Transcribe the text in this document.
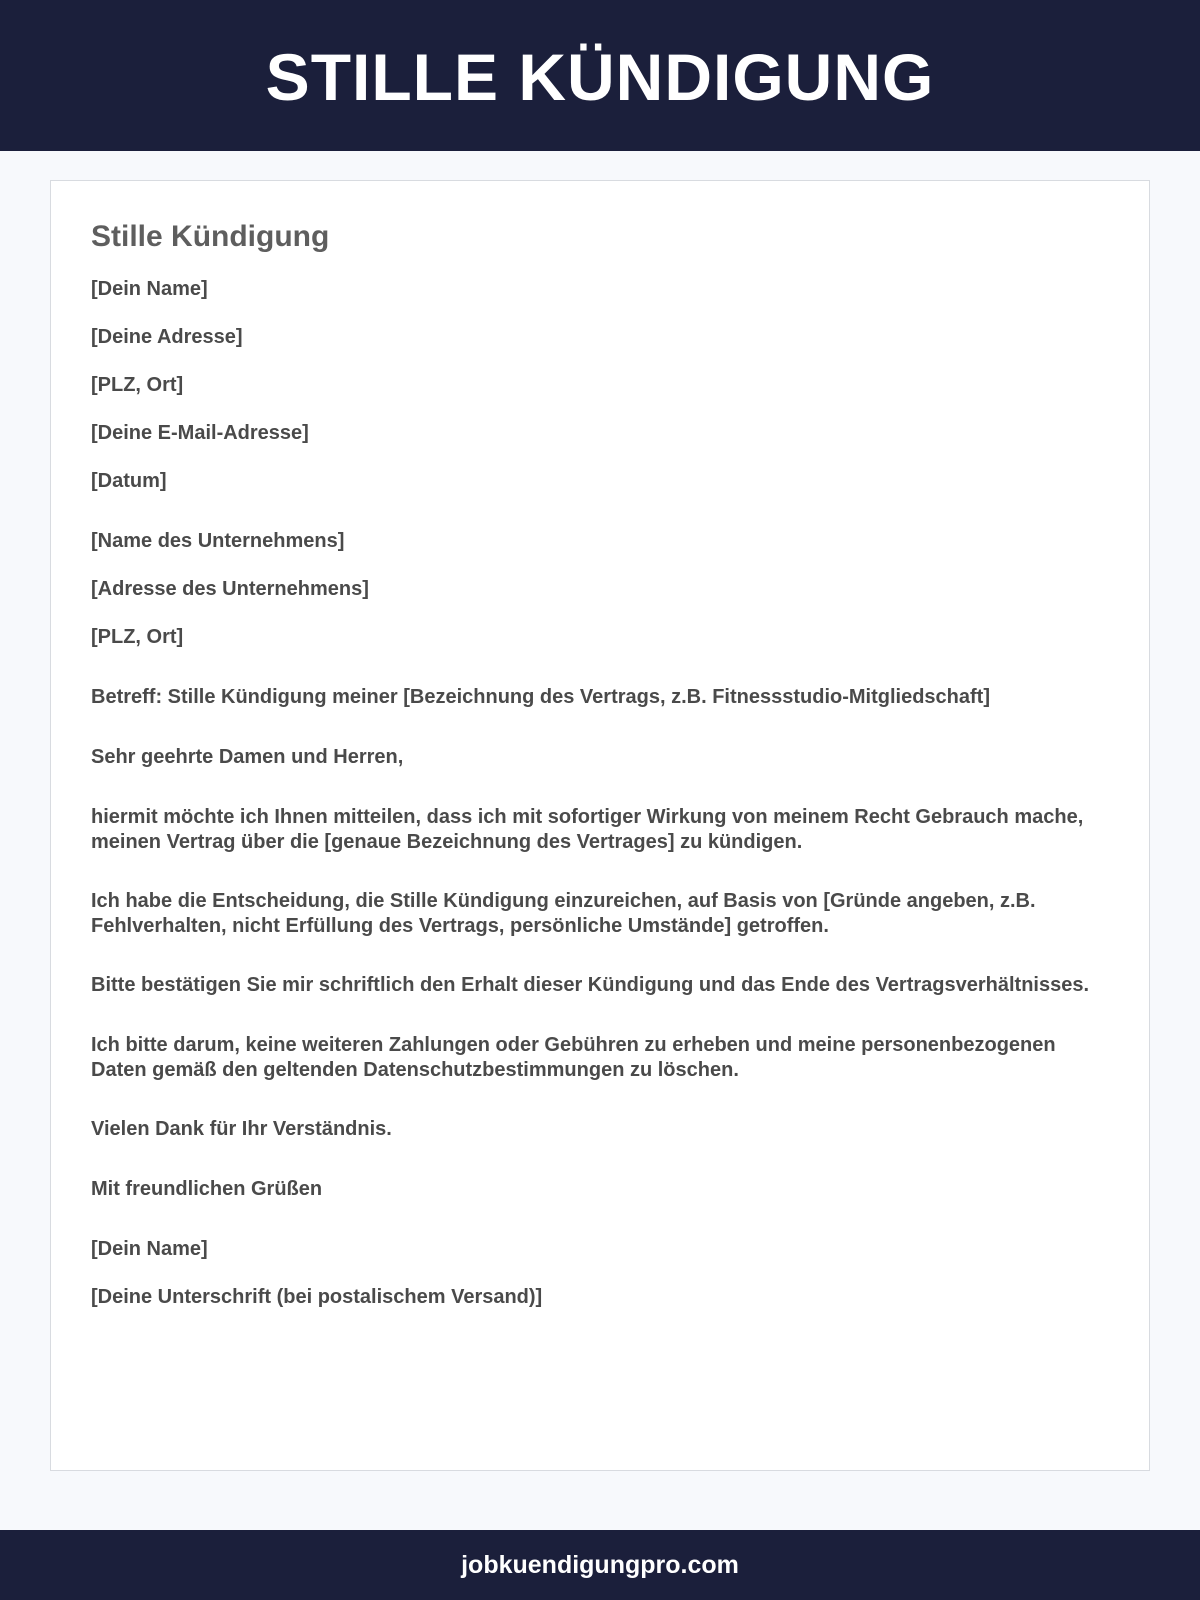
STILLE KÜNDIGUNG
Stille Kündigung
[Dein Name]
[Deine Adresse]
[PLZ, Ort]
[Deine E-Mail-Adresse]
[Datum]
[Name des Unternehmens]
[Adresse des Unternehmens]
[PLZ, Ort]
Betreff: Stille Kündigung meiner [Bezeichnung des Vertrags, z.B. Fitnessstudio-Mitgliedschaft]
Sehr geehrte Damen und Herren,
hiermit möchte ich Ihnen mitteilen, dass ich mit sofortiger Wirkung von meinem Recht Gebrauch mache, meinen Vertrag über die [genaue Bezeichnung des Vertrages] zu kündigen.
Ich habe die Entscheidung, die Stille Kündigung einzureichen, auf Basis von [Gründe angeben, z.B. Fehlverhalten, nicht Erfüllung des Vertrags, persönliche Umstände] getroffen.
Bitte bestätigen Sie mir schriftlich den Erhalt dieser Kündigung und das Ende des Vertragsverhältnisses.
Ich bitte darum, keine weiteren Zahlungen oder Gebühren zu erheben und meine personenbezogenen Daten gemäß den geltenden Datenschutzbestimmungen zu löschen.
Vielen Dank für Ihr Verständnis.
Mit freundlichen Grüßen
[Dein Name]
[Deine Unterschrift (bei postalischem Versand)]
jobkuendigungpro.com
